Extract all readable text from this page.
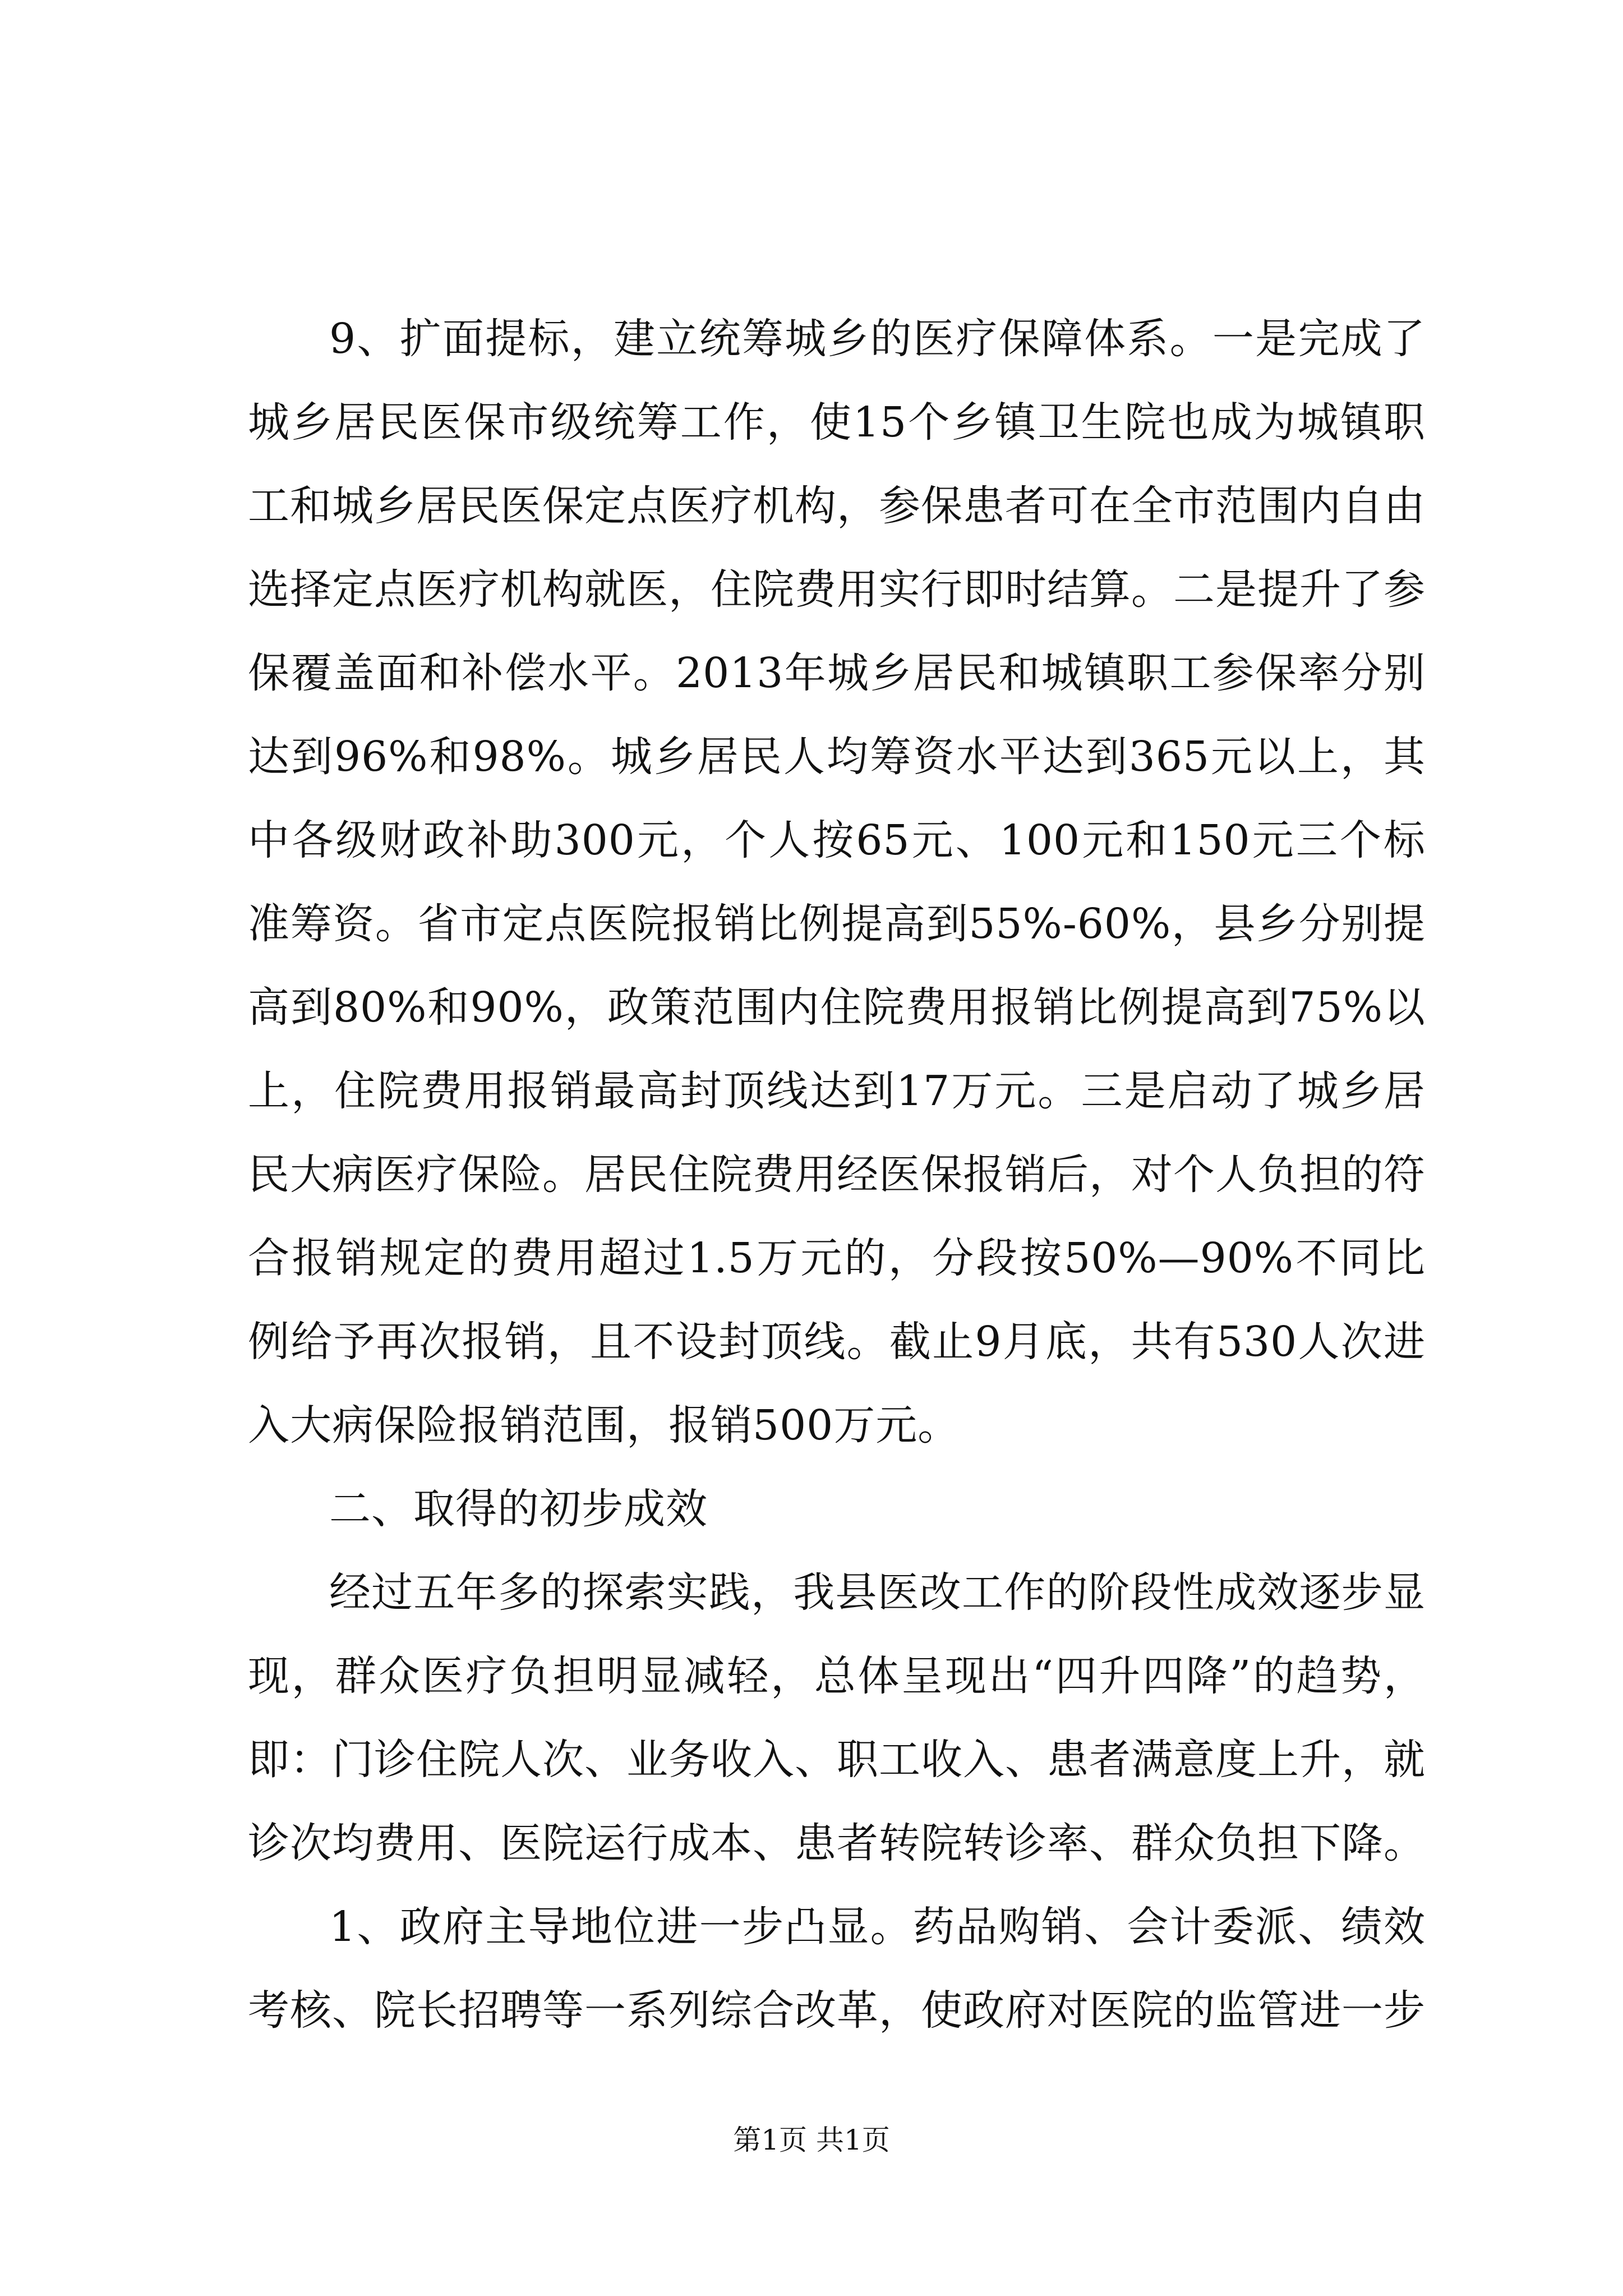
9、扩面提标，建立统筹城乡的医疗保障体系。一是完成了城乡居民医保市级统筹工作，使15个乡镇卫生院也成为城镇职工和城乡居民医保定点医疗机构，参保患者可在全市范围内自由选择定点医疗机构就医，住院费用实行即时结算。二是提升了参保覆盖面和补偿水平。2013年城乡居民和城镇职工参保率分别达到96%和98%。城乡居民人均筹资水平达到365元以上，其中各级财政补助300元，个人按65元、100元和150元三个标准筹资。省市定点医院报销比例提高到55%-60%，县乡分别提高到80%和90%，政策范围内住院费用报销比例提高到75%以上，住院费用报销最高封顶线达到17万元。三是启动了城乡居民大病医疗保险。居民住院费用经医保报销后，对个人负担的符合报销规定的费用超过1.5万元的，分段按50%—90%不同比例给予再次报销，且不设封顶线。截止9月底，共有530人次进入大病保险报销范围，报销500万元。

二、取得的初步成效

经过五年多的探索实践，我县医改工作的阶段性成效逐步显现，群众医疗负担明显减轻，总体呈现出“四升四降”的趋势，即：门诊住院人次、业务收入、职工收入、患者满意度上升，就诊次均费用、医院运行成本、患者转院转诊率、群众负担下降。

1、政府主导地位进一步凸显。药品购销、会计委派、绩效考核、院长招聘等一系列综合改革，使政府对医院的监管进一步

第1页 共1页
